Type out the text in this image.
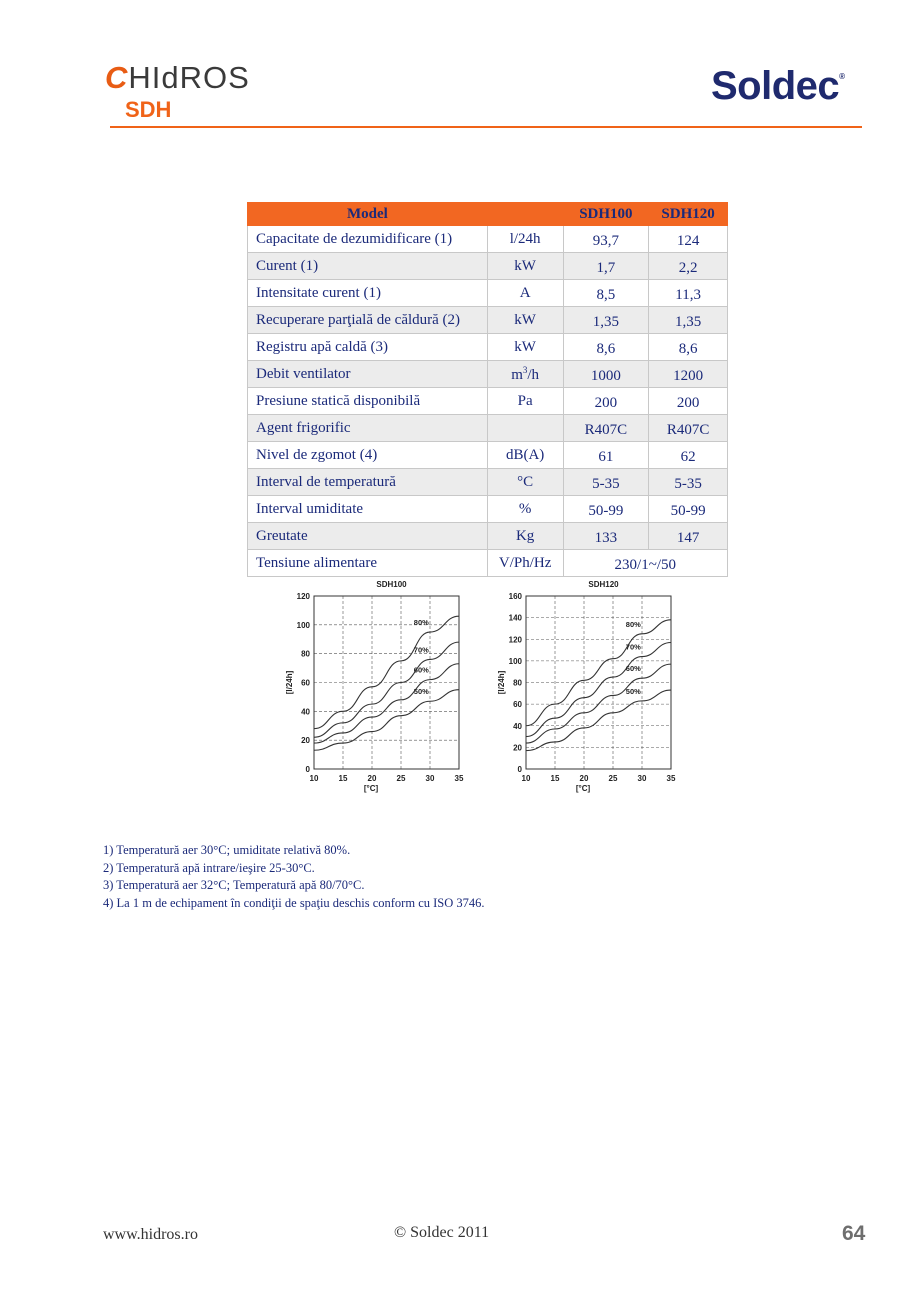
CHIdROS
SDH
Soldec®
Model		SDH100	SDH120
Capacitate de dezumidificare (1)	l/24h	93,7	124
Curent (1)	kW	1,7	2,2
Intensitate curent (1)	A	8,5	11,3
Recuperare parţială de căldură (2)	kW	1,35	1,35
Registru apă caldă (3)	kW	8,6	8,6
Debit ventilator	$m^3/h$	1000	1200
Presiune statică disponibilă	Pa	200	200
Agent frigorific		R407C	R407C
Nivel de zgomot (4)	dB(A)	61	62
Interval de temperatură	°C	5-35	5-35
Interval umiditate	%	50-99	50-99
Greutate	Kg	133	147
Tensiune alimentare	V/Ph/Hz	230/1~/50	
SDH100
10	15	20	25	30	35
0
20
40
60
80
100
120
[°C]
[l/24h]
80%
70%
60%
50%
SDH120
10	15	20	25	30	35
0
20
40
60
80
100
120
140
160
[°C]
[l/24h]
80%
70%
60%
50%
1) Temperatură aer 30°C; umiditate relativă 80%.
2) Temperatură apă intrare/ieşire 25-30°C.
3) Temperatură aer 32°C; Temperatură apă 80/70°C.
4) La 1 m de echipament în condiţii de spaţiu deschis conform cu ISO 3746.
www.hidros.ro	© Soldec 2011	64
